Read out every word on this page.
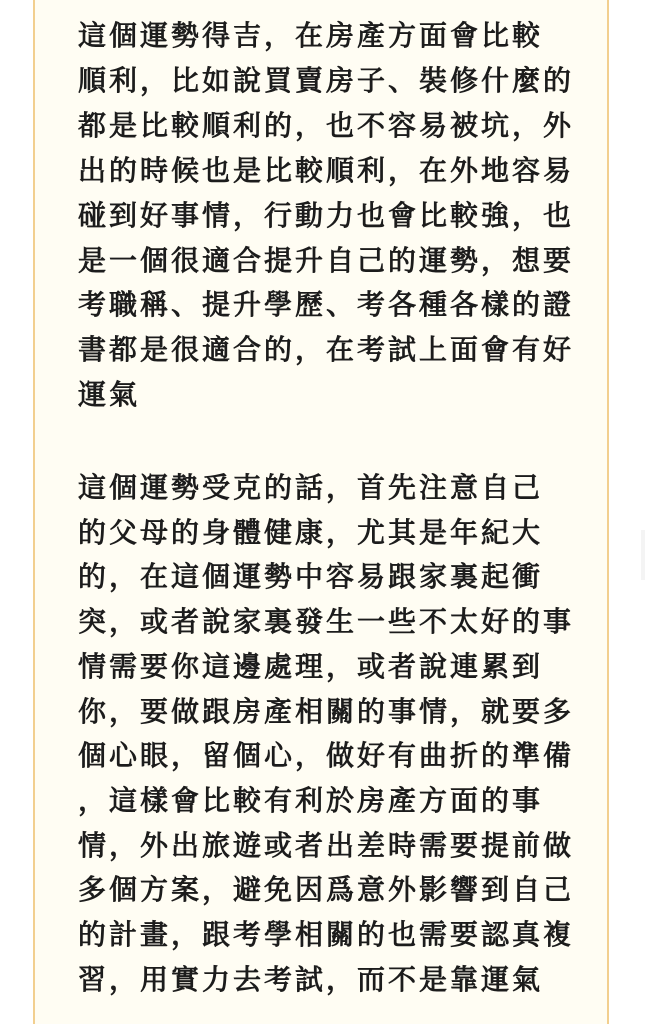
這個運勢得吉，在房產方面會比較
順利，比如說買賣房子、裝修什麼的
都是比較順利的，也不容易被坑，外
出的時候也是比較順利，在外地容易
碰到好事情，行動力也會比較強，也
是一個很適合提升自己的運勢，想要
考職稱、提升學歷、考各種各樣的證
書都是很適合的，在考試上面會有好
運氣

這個運勢受克的話，首先注意自己
的父母的身體健康，尤其是年紀大
的，在這個運勢中容易跟家裏起衝
突，或者說家裏發生一些不太好的事
情需要你這邊處理，或者說連累到
你，要做跟房產相關的事情，就要多
個心眼，留個心，做好有曲折的準備
，這樣會比較有利於房產方面的事
情，外出旅遊或者出差時需要提前做
多個方案，避免因爲意外影響到自己
的計畫，跟考學相關的也需要認真複
習，用實力去考試，而不是靠運氣
